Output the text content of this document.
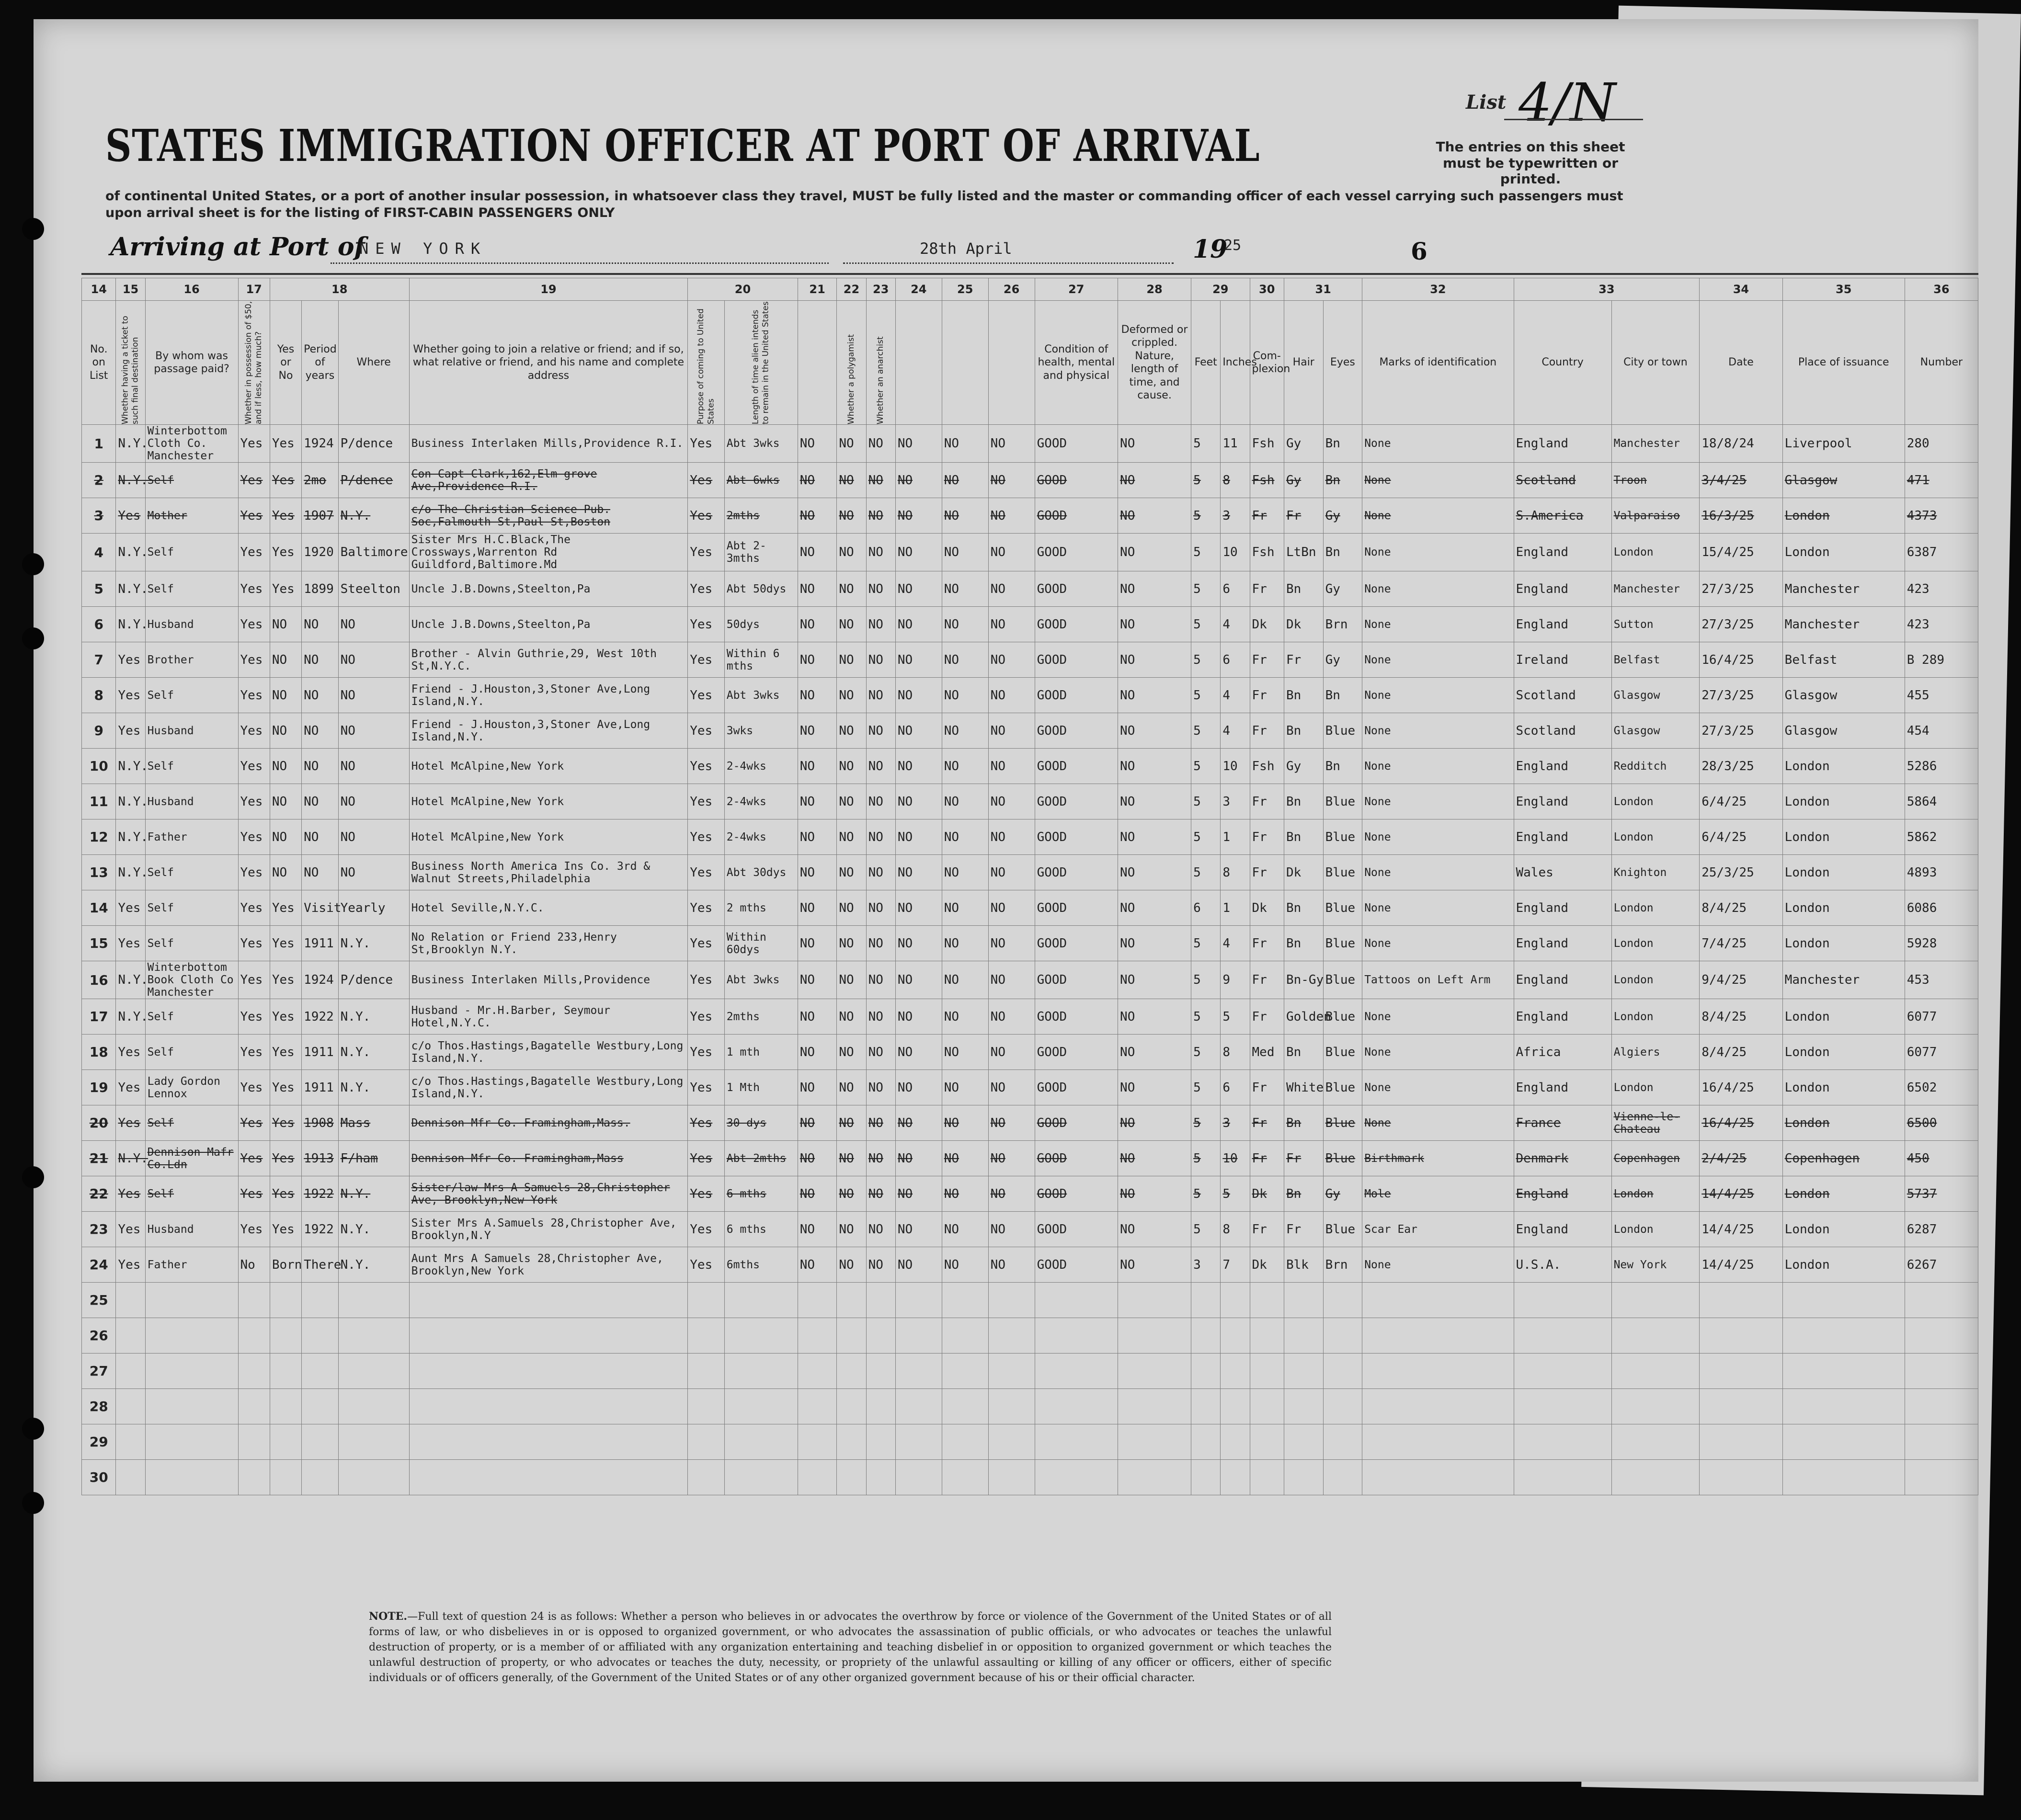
List 4/N
STATES IMMIGRATION OFFICER AT PORT OF ARRIVAL	The entries on this sheet must be typewritten or printed.
of continental United States, or a port of another insular possession, in whatsoever class they travel, MUST be fully listed and the master or commanding officer of each vessel carrying such passengers must upon arrival sheet is for the listing of FIRST-CABIN PASSENGERS ONLY
Arriving at Port of
NEW YORK	28th April	19
25	6
14	15	16	17	18			19	20		21	22	23	24	25	26	27	28	29		30	31		32	33		34	35	36
No. on List	Whether having a ticket to such final destination	By whom was passage paid?	Whether in possession of $50, and if less, how much?	Yes or No	Period of years	Where	Whether going to join a relative or friend; and if so, what relative or friend, and his name and complete address	Purpose of coming to United States	Length of time alien intends to remain in the United States		Whether a polygamist	Whether an anarchist				Condition of health, mental and physical	Deformed or crippled. Nature, length of time, and cause.	Feet	Inches	Com-plexion	Hair	Eyes	Marks of identification	Country	City or town	Date	Place of issuance	Number
1	N.Y.	Winterbottom Cloth Co. Manchester	Yes	Yes	1924	P/dence	Business Interlaken Mills,Providence R.I.	Yes	Abt 3wks	NO	NO	NO	NO	NO	NO	GOOD	NO	5	11	Fsh	Gy	Bn	None	England	Manchester	18/8/24	Liverpool	280
2	N.Y.	Self	Yes	Yes	2mo	P/dence	Con Capt Clark,162,Elm grove Ave,Providence R.I.	Yes	Abt 6wks	NO	NO	NO	NO	NO	NO	GOOD	NO	5	8	Fsh	Gy	Bn	None	Scotland	Troon	3/4/25	Glasgow	471
3	Yes	Mother	Yes	Yes	1907	N.Y.	c/o The Christian Science Pub. Soc,Falmouth St,Paul St,Boston	Yes	2mths	NO	NO	NO	NO	NO	NO	GOOD	NO	5	3	Fr	Fr	Gy	None	S.America	Valparaiso	16/3/25	London	4373
4	N.Y.	Self	Yes	Yes	1920	Baltimore	Sister Mrs H.C.Black,The Crossways,Warrenton Rd Guildford,Baltimore.Md	Yes	Abt 2-3mths	NO	NO	NO	NO	NO	NO	GOOD	NO	5	10	Fsh	LtBn	Bn	None	England	London	15/4/25	London	6387
5	N.Y.	Self	Yes	Yes	1899	Steelton	Uncle J.B.Downs,Steelton,Pa	Yes	Abt 50dys	NO	NO	NO	NO	NO	NO	GOOD	NO	5	6	Fr	Bn	Gy	None	England	Manchester	27/3/25	Manchester	423
6	N.Y.	Husband	Yes	NO	NO	NO	Uncle J.B.Downs,Steelton,Pa	Yes	50dys	NO	NO	NO	NO	NO	NO	GOOD	NO	5	4	Dk	Dk	Brn	None	England	Sutton	27/3/25	Manchester	423
7	Yes	Brother	Yes	NO	NO	NO	Brother - Alvin Guthrie,29, West 10th St,N.Y.C.	Yes	Within 6 mths	NO	NO	NO	NO	NO	NO	GOOD	NO	5	6	Fr	Fr	Gy	None	Ireland	Belfast	16/4/25	Belfast	B 289
8	Yes	Self	Yes	NO	NO	NO	Friend - J.Houston,3,Stoner Ave,Long Island,N.Y.	Yes	Abt 3wks	NO	NO	NO	NO	NO	NO	GOOD	NO	5	4	Fr	Bn	Bn	None	Scotland	Glasgow	27/3/25	Glasgow	455
9	Yes	Husband	Yes	NO	NO	NO	Friend - J.Houston,3,Stoner Ave,Long Island,N.Y.	Yes	3wks	NO	NO	NO	NO	NO	NO	GOOD	NO	5	4	Fr	Bn	Blue	None	Scotland	Glasgow	27/3/25	Glasgow	454
10	N.Y.	Self	Yes	NO	NO	NO	Hotel McAlpine,New York	Yes	2-4wks	NO	NO	NO	NO	NO	NO	GOOD	NO	5	10	Fsh	Gy	Bn	None	England	Redditch	28/3/25	London	5286
11	N.Y.	Husband	Yes	NO	NO	NO	Hotel McAlpine,New York	Yes	2-4wks	NO	NO	NO	NO	NO	NO	GOOD	NO	5	3	Fr	Bn	Blue	None	England	London	6/4/25	London	5864
12	N.Y.	Father	Yes	NO	NO	NO	Hotel McAlpine,New York	Yes	2-4wks	NO	NO	NO	NO	NO	NO	GOOD	NO	5	1	Fr	Bn	Blue	None	England	London	6/4/25	London	5862
13	N.Y.	Self	Yes	NO	NO	NO	Business North America Ins Co. 3rd & Walnut Streets,Philadelphia	Yes	Abt 30dys	NO	NO	NO	NO	NO	NO	GOOD	NO	5	8	Fr	Dk	Blue	None	Wales	Knighton	25/3/25	London	4893
14	Yes	Self	Yes	Yes	Visit	Yearly	Hotel Seville,N.Y.C.	Yes	2 mths	NO	NO	NO	NO	NO	NO	GOOD	NO	6	1	Dk	Bn	Blue	None	England	London	8/4/25	London	6086
15	Yes	Self	Yes	Yes	1911	N.Y.	No Relation or Friend 233,Henry St,Brooklyn N.Y.	Yes	Within 60dys	NO	NO	NO	NO	NO	NO	GOOD	NO	5	4	Fr	Bn	Blue	None	England	London	7/4/25	London	5928
16	N.Y.	Winterbottom Book Cloth Co Manchester	Yes	Yes	1924	P/dence	Business Interlaken Mills,Providence	Yes	Abt 3wks	NO	NO	NO	NO	NO	NO	GOOD	NO	5	9	Fr	Bn-Gy	Blue	Tattoos on Left Arm	England	London	9/4/25	Manchester	453
17	N.Y.	Self	Yes	Yes	1922	N.Y.	Husband - Mr.H.Barber, Seymour Hotel,N.Y.C.	Yes	2mths	NO	NO	NO	NO	NO	NO	GOOD	NO	5	5	Fr	Golden	Blue	None	England	London	8/4/25	London	6077
18	Yes	Self	Yes	Yes	1911	N.Y.	c/o Thos.Hastings,Bagatelle Westbury,Long Island,N.Y.	Yes	1 mth	NO	NO	NO	NO	NO	NO	GOOD	NO	5	8	Med	Bn	Blue	None	Africa	Algiers	8/4/25	London	6077
19	Yes	Lady Gordon Lennox	Yes	Yes	1911	N.Y.	c/o Thos.Hastings,Bagatelle Westbury,Long Island,N.Y.	Yes	1 Mth	NO	NO	NO	NO	NO	NO	GOOD	NO	5	6	Fr	White	Blue	None	England	London	16/4/25	London	6502
20	Yes	Self	Yes	Yes	1908	Mass	Dennison Mfr Co. Framingham,Mass.	Yes	30 dys	NO	NO	NO	NO	NO	NO	GOOD	NO	5	3	Fr	Bn	Blue	None	France	Vienne-le-Chateau	16/4/25	London	6500
21	N.Y.	Dennison Mafr Co.Ldn	Yes	Yes	1913	F/ham	Dennison Mfr Co. Framingham,Mass	Yes	Abt 2mths	NO	NO	NO	NO	NO	NO	GOOD	NO	5	10	Fr	Fr	Blue	Birthmark	Denmark	Copenhagen	2/4/25	Copenhagen	450
22	Yes	Self	Yes	Yes	1922	N.Y.	Sister/law Mrs A Samuels 28,Christopher Ave, Brooklyn,New York	Yes	6 mths	NO	NO	NO	NO	NO	NO	GOOD	NO	5	5	Dk	Bn	Gy	Mole	England	London	14/4/25	London	5737
23	Yes	Husband	Yes	Yes	1922	N.Y.	Sister Mrs A.Samuels 28,Christopher Ave, Brooklyn,N.Y	Yes	6 mths	NO	NO	NO	NO	NO	NO	GOOD	NO	5	8	Fr	Fr	Blue	Scar Ear	England	London	14/4/25	London	6287
24	Yes	Father	No	Born	There	N.Y.	Aunt Mrs A Samuels 28,Christopher Ave, Brooklyn,New York	Yes	6mths	NO	NO	NO	NO	NO	NO	GOOD	NO	3	7	Dk	Blk	Brn	None	U.S.A.	New York	14/4/25	London	6267
25																												
26																												
27																												
28																												
29																												
30																												
NOTE.—Full text of question 24 is as follows: Whether a person who believes in or advocates the overthrow by force or violence of the Government of the United States or of all forms of law, or who disbelieves in or is opposed to organized government, or who advocates the assassination of public officials, or who advocates or teaches the unlawful destruction of property, or is a member of or affiliated with any organization entertaining and teaching disbelief in or opposition to organized government or which teaches the unlawful destruction of property, or who advocates or teaches the duty, necessity, or propriety of the unlawful assaulting or killing of any officer or officers, either of specific individuals or of officers generally, of the Government of the United States or of any other organized government because of his or their official character.
